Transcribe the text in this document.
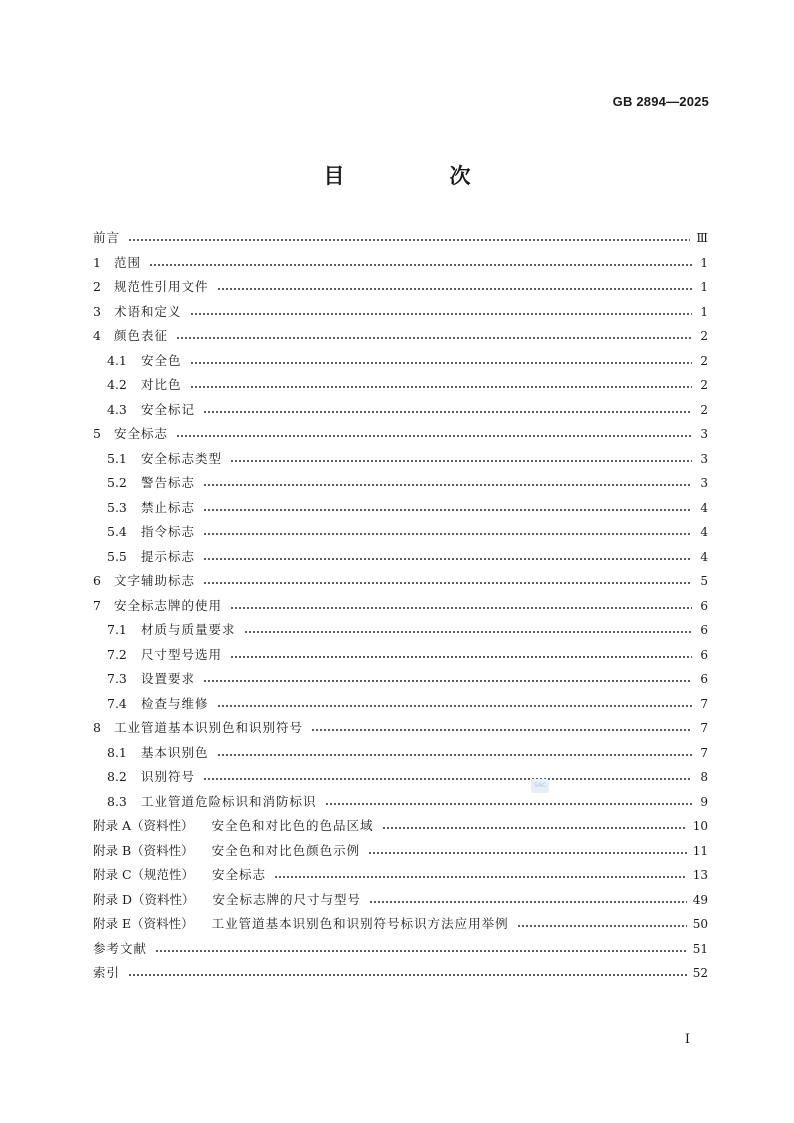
GB 2894—2025
目　次
前言	Ⅲ
1	范围	1
2	规范性引用文件	1
3	术语和定义	1
4	颜色表征	2
4.1	安全色	2
4.2	对比色	2
4.3	安全标记	2
5	安全标志	3
5.1	安全标志类型	3
5.2	警告标志	3
5.3	禁止标志	4
5.4	指令标志	4
5.5	提示标志	4
6	文字辅助标志	5
7	安全标志牌的使用	6
7.1	材质与质量要求	6
7.2	尺寸型号选用	6
7.3	设置要求	6
7.4	检查与维修	7
8	工业管道基本识别色和识别符号	7
8.1	基本识别色	7
8.2	识别符号	8
8.3	工业管道危险标识和消防标识	9
附录 A（资料性） 安全色和对比色的色品区域	10
附录 B（资料性） 安全色和对比色颜色示例	11
附录 C（规范性） 安全标志	13
附录 D（资料性） 安全标志牌的尺寸与型号	49
附录 E（资料性） 工业管道基本识别色和识别符号标识方法应用举例	50
参考文献	51
索引	52
SAC
I
